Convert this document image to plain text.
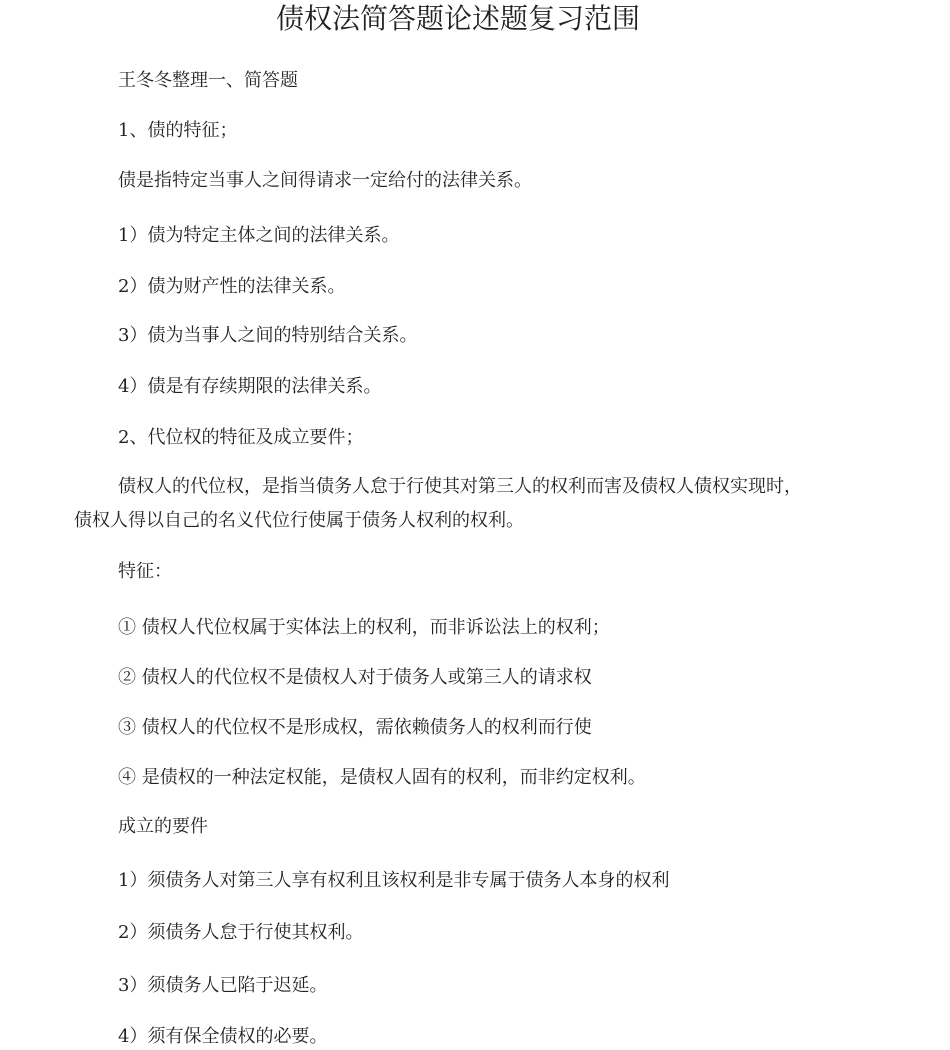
债权法简答题论述题复习范围

王冬冬整理一、简答题

1、债的特征；

债是指特定当事人之间得请求一定给付的法律关系。

1）债为特定主体之间的法律关系。

2）债为财产性的法律关系。

3）债为当事人之间的特别结合关系。

4）债是有存续期限的法律关系。

2、代位权的特征及成立要件；

债权人的代位权，是指当债务人怠于行使其对第三人的权利而害及债权人债权实现时，债权人得以自己的名义代位行使属于债务人权利的权利。

特征：

① 债权人代位权属于实体法上的权利，而非诉讼法上的权利；

② 债权人的代位权不是债权人对于债务人或第三人的请求权

③ 债权人的代位权不是形成权，需依赖债务人的权利而行使

④ 是债权的一种法定权能，是债权人固有的权利，而非约定权利。

成立的要件

1）须债务人对第三人享有权利且该权利是非专属于债务人本身的权利

2）须债务人怠于行使其权利。

3）须债务人已陷于迟延。

4）须有保全债权的必要。
